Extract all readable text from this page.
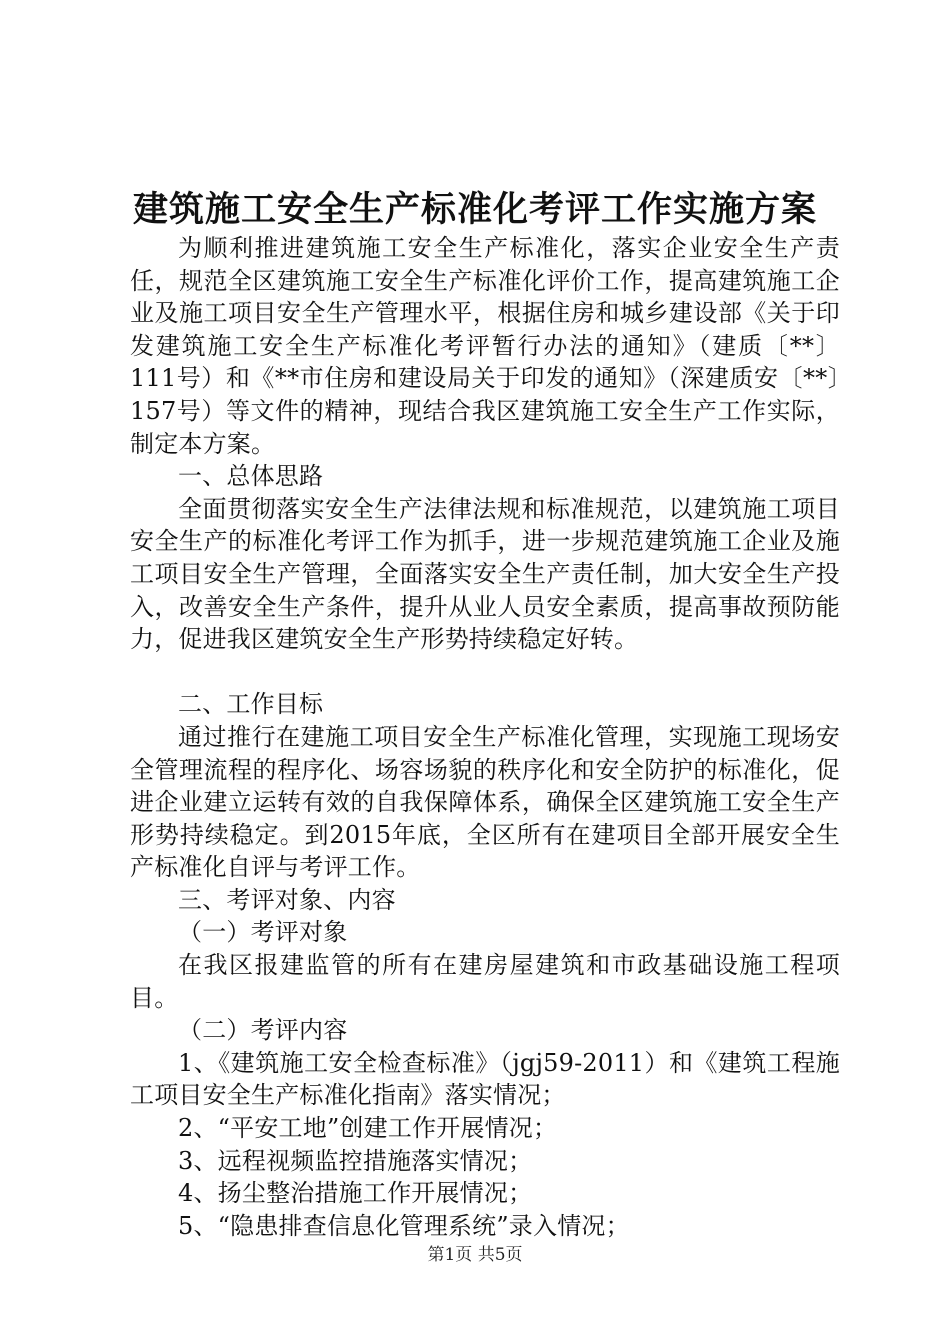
建筑施工安全生产标准化考评工作实施方案

为顺利推进建筑施工安全生产标准化，落实企业安全生产责任，规范全区建筑施工安全生产标准化评价工作，提高建筑施工企业及施工项目安全生产管理水平，根据住房和城乡建设部《关于印发建筑施工安全生产标准化考评暂行办法的通知》（建质〔**〕111号）和《**市住房和建设局关于印发的通知》（深建质安〔**〕157号）等文件的精神，现结合我区建筑施工安全生产工作实际，制定本方案。

一、总体思路

全面贯彻落实安全生产法律法规和标准规范，以建筑施工项目安全生产的标准化考评工作为抓手，进一步规范建筑施工企业及施工项目安全生产管理，全面落实安全生产责任制，加大安全生产投入，改善安全生产条件，提升从业人员安全素质，提高事故预防能力，促进我区建筑安全生产形势持续稳定好转。

二、工作目标

通过推行在建施工项目安全生产标准化管理，实现施工现场安全管理流程的程序化、场容场貌的秩序化和安全防护的标准化，促进企业建立运转有效的自我保障体系，确保全区建筑施工安全生产形势持续稳定。到2015年底，全区所有在建项目全部开展安全生产标准化自评与考评工作。

三、考评对象、内容

（一）考评对象

在我区报建监管的所有在建房屋建筑和市政基础设施工程项目。

（二）考评内容

1、《建筑施工安全检查标准》（jgj59-2011）和《建筑工程施工项目安全生产标准化指南》落实情况；

2、“平安工地”创建工作开展情况；

3、远程视频监控措施落实情况；

4、扬尘整治措施工作开展情况；

5、“隐患排查信息化管理系统”录入情况；

第1页 共5页
